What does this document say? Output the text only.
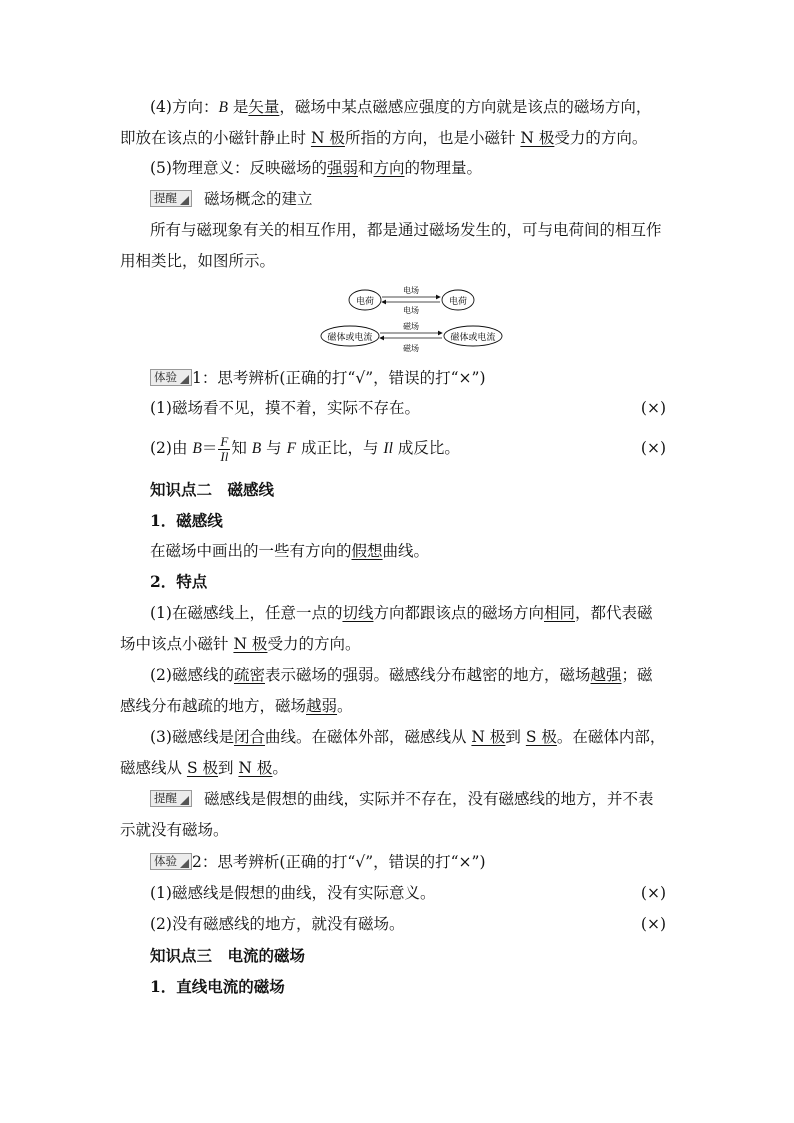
(4)方向：B 是矢量，磁场中某点磁感应强度的方向就是该点的磁场方向，
即放在该点的小磁针静止时 N 极所指的方向，也是小磁针 N 极受力的方向。
(5)物理意义：反映磁场的强弱和方向的物理量。
提醒 磁场概念的建立
所有与磁现象有关的相互作用，都是通过磁场发生的，可与电荷间的相互作
用相类比，如图所示。
电荷	电荷
电场
电场
磁体或电流	磁体或电流
磁场
磁场
体验 1：思考辨析(正确的打“√”，错误的打“×”)
(1)磁场看不见，摸不着，实际不存在。	(×)
(2)由 $B= \frac{F}{Il}$ 知 B 与 F 成正比，与 Il 成反比。	(×)
知识点二　磁感线
1．磁感线
在磁场中画出的一些有方向的假想曲线。
2．特点
(1)在磁感线上，任意一点的切线方向都跟该点的磁场方向相同，都代表磁
场中该点小磁针 N 极受力的方向。
(2)磁感线的疏密表示磁场的强弱。磁感线分布越密的地方，磁场越强；磁
感线分布越疏的地方，磁场越弱。
(3)磁感线是闭合曲线。在磁体外部，磁感线从 N 极到 S 极。在磁体内部，
磁感线从 S 极到 N 极。
提醒 磁感线是假想的曲线，实际并不存在，没有磁感线的地方，并不表
示就没有磁场。
体验 2：思考辨析(正确的打“√”，错误的打“×”)
(1)磁感线是假想的曲线，没有实际意义。	(×)
(2)没有磁感线的地方，就没有磁场。	(×)
知识点三　电流的磁场
1．直线电流的磁场
